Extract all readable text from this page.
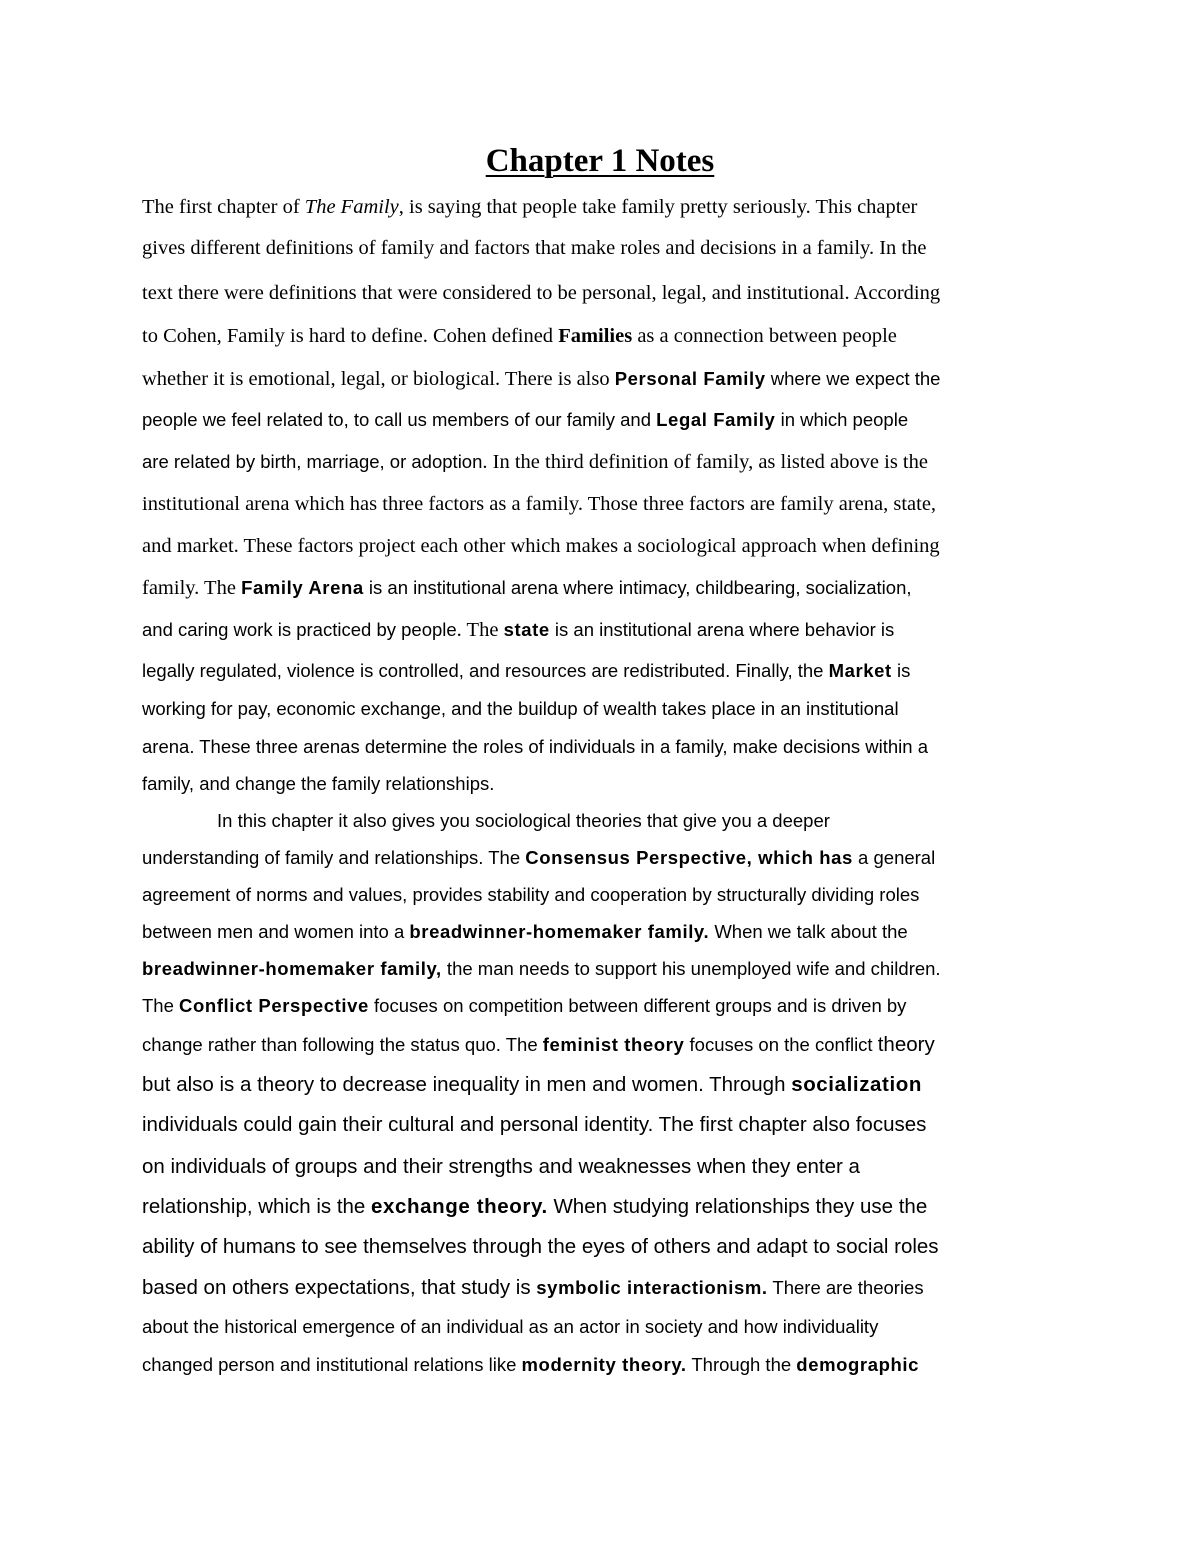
Chapter 1 Notes

The first chapter of The Family, is saying that people take family pretty seriously. This chapter

gives different definitions of family and factors that make roles and decisions in a family. In the

text there were definitions that were considered to be personal, legal, and institutional. According

to Cohen, Family is hard to define. Cohen defined Families as a connection between people

whether it is emotional, legal, or biological. There is also Personal Family where we expect the

people we feel related to, to call us members of our family and Legal Family in which people

are related by birth, marriage, or adoption. In the third definition of family, as listed above is the

institutional arena which has three factors as a family. Those three factors are family arena, state,

and market. These factors project each other which makes a sociological approach when defining

family. The Family Arena is an institutional arena where intimacy, childbearing, socialization,

and caring work is practiced by people. The state is an institutional arena where behavior is

legally regulated, violence is controlled, and resources are redistributed. Finally, the Market is

working for pay, economic exchange, and the buildup of wealth takes place in an institutional

arena. These three arenas determine the roles of individuals in a family, make decisions within a

family, and change the family relationships.

In this chapter it also gives you sociological theories that give you a deeper

understanding of family and relationships. The Consensus Perspective, which has a general

agreement of norms and values, provides stability and cooperation by structurally dividing roles

between men and women into a breadwinner-homemaker family. When we talk about the

breadwinner-homemaker family, the man needs to support his unemployed wife and children.

The Conflict Perspective focuses on competition between different groups and is driven by

change rather than following the status quo. The feminist theory focuses on the conflict theory

but also is a theory to decrease inequality in men and women. Through socialization

individuals could gain their cultural and personal identity. The first chapter also focuses

on individuals of groups and their strengths and weaknesses when they enter a

relationship, which is the exchange theory. When studying relationships they use the

ability of humans to see themselves through the eyes of others and adapt to social roles

based on others expectations, that study is symbolic interactionism. There are theories

about the historical emergence of an individual as an actor in society and how individuality

changed person and institutional relations like modernity theory. Through the demographic
